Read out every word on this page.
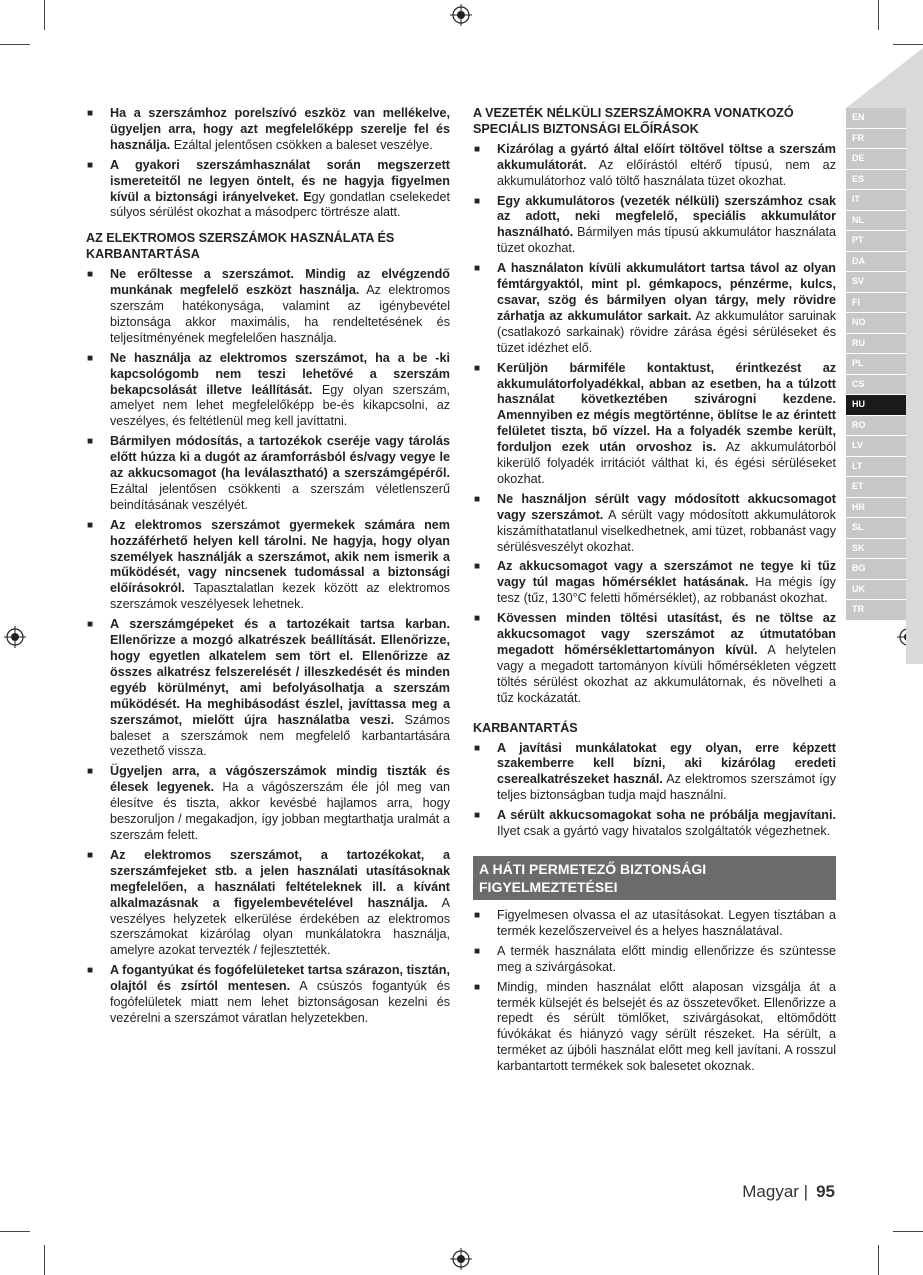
EN
FR
DE
ES
IT
NL
PT
DA
SV
FI
NO
RU
PL
CS
HU
RO
LV
LT
ET
HR
SL
SK
BG
UK
TR
■ Ha a szerszámhoz porelszívó eszköz van mellékelve, ügyeljen arra, hogy azt megfelelőképp szerelje fel és használja. Ezáltal jelentősen csökken a baleset veszélye.
■ A gyakori szerszámhasználat során megszerzett ismereteitől ne legyen öntelt, és ne hagyja figyelmen kívül a biztonsági irányelveket. Egy gondatlan cselekedet súlyos sérülést okozhat a másodperc törtrésze alatt.
AZ ELEKTROMOS SZERSZÁMOK HASZNÁLATA ÉS KARBANTARTÁSA
■ Ne erőltesse a szerszámot. Mindig az elvégzendő munkának megfelelő eszközt használja. Az elektromos szerszám hatékonysága, valamint az igénybevétel biztonsága akkor maximális, ha rendeltetésének és teljesítményének megfelelően használja.
■ Ne használja az elektromos szerszámot, ha a be -ki kapcsológomb nem teszi lehetővé a szerszám bekapcsolását illetve leállítását. Egy olyan szerszám, amelyet nem lehet megfelelőképp be-és kikapcsolni, az veszélyes, és feltétlenül meg kell javíttatni.
■ Bármilyen módosítás, a tartozékok cseréje vagy tárolás előtt húzza ki a dugót az áramforrásból és/vagy vegye le az akkucsomagot (ha leválasztható) a szerszámgépéről. Ezáltal jelentősen csökkenti a szerszám véletlenszerű beindításának veszélyét.
■ Az elektromos szerszámot gyermekek számára nem hozzáférhető helyen kell tárolni. Ne hagyja, hogy olyan személyek használják a szerszámot, akik nem ismerik a működését, vagy nincsenek tudomással a biztonsági előírásokról. Tapasztalatlan kezek között az elektromos szerszámok veszélyesek lehetnek.
■ A szerszámgépeket és a tartozékait tartsa karban. Ellenőrizze a mozgó alkatrészek beállítását. Ellenőrizze, hogy egyetlen alkatelem sem tört el. Ellenőrizze az összes alkatrész felszerelését / illeszkedését és minden egyéb körülményt, ami befolyásolhatja a szerszám működését. Ha meghibásodást észlel, javíttassa meg a szerszámot, mielőtt újra használatba veszi. Számos baleset a szerszámok nem megfelelő karbantartására vezethető vissza.
■ Ügyeljen arra, a vágószerszámok mindig tiszták és élesek legyenek. Ha a vágószerszám éle jól meg van élesítve és tiszta, akkor kevésbé hajlamos arra, hogy beszoruljon / megakadjon, így jobban megtarthatja uralmát a szerszám felett.
■ Az elektromos szerszámot, a tartozékokat, a szerszámfejeket stb. a jelen használati utasításoknak megfelelően, a használati feltételeknek ill. a kívánt alkalmazásnak a figyelembevételével használja. A veszélyes helyzetek elkerülése érdekében az elektromos szerszámokat kizárólag olyan munkálatokra használja, amelyre azokat tervezték / fejlesztették.
■ A fogantyúkat és fogófelületeket tartsa szárazon, tisztán, olajtól és zsírtól mentesen. A csúszós fogantyúk és fogófelületek miatt nem lehet biztonságosan kezelni és vezérelni a szerszámot váratlan helyzetekben.
A VEZETÉK NÉLKÜLI SZERSZÁMOKRA VONATKOZÓ SPECIÁLIS BIZTONSÁGI ELŐÍRÁSOK
■ Kizárólag a gyártó által előírt töltővel töltse a szerszám akkumulátorát. Az előírástól eltérő típusú, nem az akkumulátorhoz való töltő használata tüzet okozhat.
■ Egy akkumulátoros (vezeték nélküli) szerszámhoz csak az adott, neki megfelelő, speciális akkumulátor használható. Bármilyen más típusú akkumulátor használata tüzet okozhat.
■ A használaton kívüli akkumulátort tartsa távol az olyan fémtárgyaktól, mint pl. gémkapocs, pénzérme, kulcs, csavar, szög és bármilyen olyan tárgy, mely rövidre zárhatja az akkumulátor sarkait. Az akkumulátor saruinak (csatlakozó sarkainak) rövidre zárása égési sérüléseket és tüzet idézhet elő.
■ Kerüljön bármiféle kontaktust, érintkezést az akkumulátorfolyadékkal, abban az esetben, ha a túlzott használat következtében szivárogni kezdene. Amennyiben ez mégis megtörténne, öblítse le az érintett felületet tiszta, bő vízzel. Ha a folyadék szembe került, forduljon ezek után orvoshoz is. Az akkumulátorból kikerülő folyadék irritációt válthat ki, és égési sérüléseket okozhat.
■ Ne használjon sérült vagy módosított akkucsomagot vagy szerszámot. A sérült vagy módosított akkumulátorok kiszámíthatatlanul viselkedhetnek, ami tüzet, robbanást vagy sérülésveszélyt okozhat.
■ Az akkucsomagot vagy a szerszámot ne tegye ki tűz vagy túl magas hőmérséklet hatásának. Ha mégis így tesz (tűz, 130°C feletti hőmérséklet), az robbanást okozhat.
■ Kövessen minden töltési utasítást, és ne töltse az akkucsomagot vagy szerszámot az útmutatóban megadott hőmérséklettartományon kívül. A helytelen vagy a megadott tartományon kívüli hőmérsékleten végzett töltés sérülést okozhat az akkumulátornak, és növelheti a tűz kockázatát.
KARBANTARTÁS
■ A javítási munkálatokat egy olyan, erre képzett szakemberre kell bízni, aki kizárólag eredeti cserealkatrészeket használ. Az elektromos szerszámot így teljes biztonságban tudja majd használni.
■ A sérült akkucsomagokat soha ne próbálja megjavítani. Ilyet csak a gyártó vagy hivatalos szolgáltatók végezhetnek.
A HÁTI PERMETEZŐ BIZTONSÁGI FIGYELMEZTETÉSEI
■ Figyelmesen olvassa el az utasításokat. Legyen tisztában a termék kezelőszerveivel és a helyes használatával.
■ A termék használata előtt mindig ellenőrizze és szüntesse meg a szivárgásokat.
■ Mindig, minden használat előtt alaposan vizsgálja át a termék külsejét és belsejét és az összetevőket. Ellenőrizze a repedt és sérült tömlőket, szivárgásokat, eltömődött fúvókákat és hiányzó vagy sérült részeket. Ha sérült, a terméket az újbóli használat előtt meg kell javítani. A rosszul karbantartott termékek sok balesetet okoznak.
Magyar | 95
